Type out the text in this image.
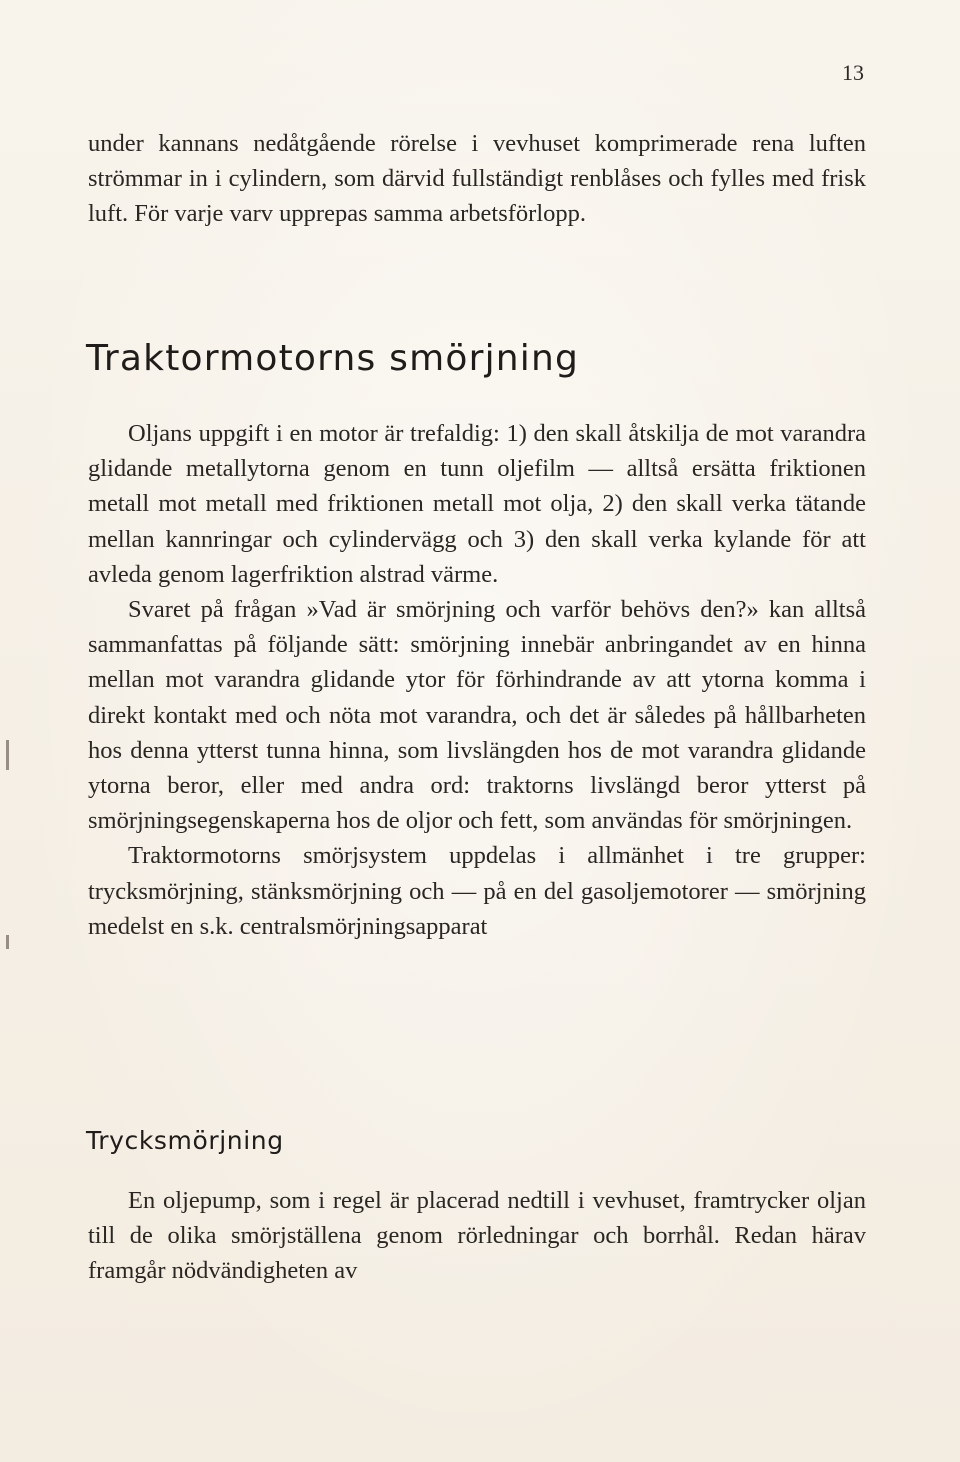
13

under kannans nedåtgående rörelse i vevhuset komprimerade rena luften strömmar in i cylindern, som därvid fullständigt renblåses och fylles med frisk luft. För varje varv upprepas samma arbetsförlopp.

Traktormotorns smörjning

Oljans uppgift i en motor är trefaldig: 1) den skall åtskilja de mot varandra glidande metallytorna genom en tunn oljefilm — alltså ersätta friktionen metall mot metall med friktionen metall mot olja, 2) den skall verka tätande mellan kannringar och cylindervägg och 3) den skall verka kylande för att avleda genom lagerfriktion alstrad värme.

Svaret på frågan »Vad är smörjning och varför behövs den?» kan alltså sammanfattas på följande sätt: smörjning innebär anbringandet av en hinna mellan mot varandra glidande ytor för förhindrande av att ytorna komma i direkt kontakt med och nöta mot varandra, och det är således på hållbarheten hos denna ytterst tunna hinna, som livslängden hos de mot varandra glidande ytorna beror, eller med andra ord: traktorns livslängd beror ytterst på smörjningsegenskaperna hos de oljor och fett, som användas för smörjningen.

Traktormotorns smörjsystem uppdelas i allmänhet i tre grupper: trycksmörjning, stänksmörjning och — på en del gasoljemotorer — smörjning medelst en s.k. centralsmörjningsapparat

Trycksmörjning

En oljepump, som i regel är placerad nedtill i vevhuset, framtrycker oljan till de olika smörjställena genom rörledningar och borrhål. Redan härav framgår nödvändigheten av
